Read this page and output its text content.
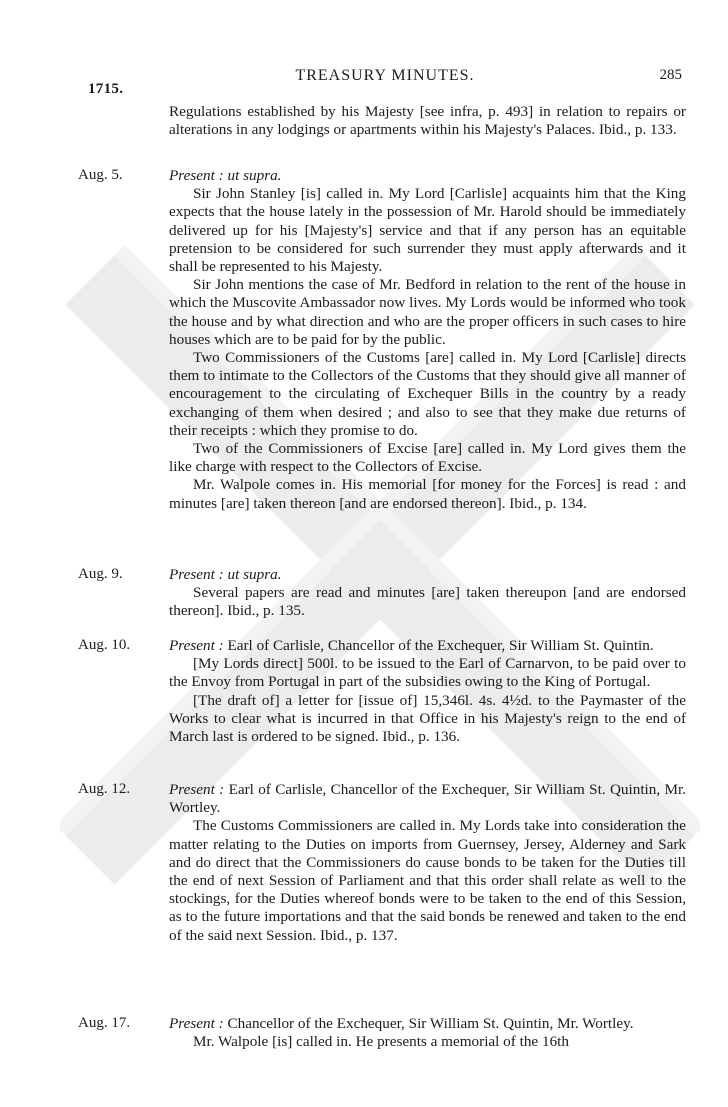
1715.
TREASURY MINUTES.	285

Regulations established by his Majesty [see infra, p. 493] in relation to repairs or alterations in any lodgings or apartments within his Majesty's Palaces. Ibid., p. 133.

Aug. 5.	Present : ut supra.

Sir John Stanley [is] called in. My Lord [Carlisle] acquaints him that the King expects that the house lately in the possession of Mr. Harold should be immediately delivered up for his [Majesty's] service and that if any person has an equitable pretension to be considered for such surrender they must apply afterwards and it shall be represented to his Majesty.

Sir John mentions the case of Mr. Bedford in relation to the rent of the house in which the Muscovite Ambassador now lives. My Lords would be informed who took the house and by what direction and who are the proper officers in such cases to hire houses which are to be paid for by the public.

Two Commissioners of the Customs [are] called in. My Lord [Carlisle] directs them to intimate to the Collectors of the Customs that they should give all manner of encouragement to the circulating of Exchequer Bills in the country by a ready exchanging of them when desired ; and also to see that they make due returns of their receipts : which they promise to do.

Two of the Commissioners of Excise [are] called in. My Lord gives them the like charge with respect to the Collectors of Excise.

Mr. Walpole comes in. His memorial [for money for the Forces] is read : and minutes [are] taken thereon [and are endorsed thereon]. Ibid., p. 134.

Aug. 9.	Present : ut supra.

Several papers are read and minutes [are] taken thereupon [and are endorsed thereon]. Ibid., p. 135.

Aug. 10.	Present : Earl of Carlisle, Chancellor of the Exchequer, Sir William St. Quintin.

[My Lords direct] 500l. to be issued to the Earl of Carnarvon, to be paid over to the Envoy from Portugal in part of the subsidies owing to the King of Portugal.

[The draft of] a letter for [issue of] 15,346l. 4s. 4½d. to the Paymaster of the Works to clear what is incurred in that Office in his Majesty's reign to the end of March last is ordered to be signed. Ibid., p. 136.

Aug. 12.	Present : Earl of Carlisle, Chancellor of the Exchequer, Sir William St. Quintin, Mr. Wortley.

The Customs Commissioners are called in. My Lords take into consideration the matter relating to the Duties on imports from Guernsey, Jersey, Alderney and Sark and do direct that the Commissioners do cause bonds to be taken for the Duties till the end of next Session of Parliament and that this order shall relate as well to the stockings, for the Duties whereof bonds were to be taken to the end of this Session, as to the future importations and that the said bonds be renewed and taken to the end of the said next Session. Ibid., p. 137.

Aug. 17.	Present : Chancellor of the Exchequer, Sir William St. Quintin, Mr. Wortley.

Mr. Walpole [is] called in. He presents a memorial of the 16th
